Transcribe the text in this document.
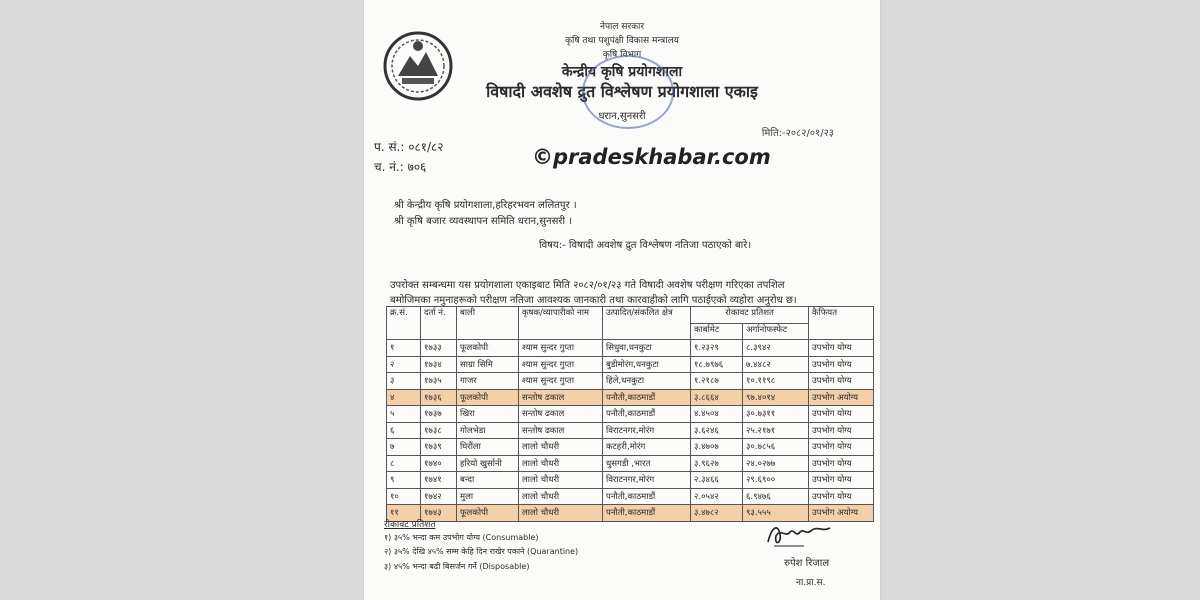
नेपाल सरकार
कृषि तथा पशुपंक्षी विकास मन्त्रालय
कृषि विभाग
केन्द्रीय कृषि प्रयोगशाला
विषादी अवशेष द्रुत विश्लेषण प्रयोगशाला एकाइ
धरान,सुनसरी
प. सं.: ०८१/८२
च. नं.: ७०६
मिति:-२०८२/०१/२३
©pradeskhabar.com
श्री केन्द्रीय कृषि प्रयोगशाला,हरिहरभवन ललितपुर ।
श्री कृषि बजार व्यवस्थापन समिति धरान,सुनसरी ।
विषय:- विषादी अवशेष द्रुत विश्लेषण नतिजा पठाएको बारे।
उपरोक्त सम्बन्धमा यस प्रयोगशाला एकाइबाट मिति २०८२/०१/२३ गते विषादी अवशेष परीक्षण गरिएका तपशिल
बमोजिमका नमुनाहरूको परीक्षण नतिजा आवश्यक जानकारी तथा कारवाहीको लागि पठाईएको व्यहोरा अनुरोध छ।
क्र.सं.	दर्ता नं.	बाली	कृषक/व्यापारीको नाम	उत्पादित/संकलित क्षेत्र	रोकावट प्रतिशत		कैफियत
					कार्बामेट	अर्गानोफस्फेट	
१	१७३३	फूलकोपी	श्याम सुन्दर गुप्ता	सिधुवा,धनकुटा	१.२३२९	८.३९४२	उपभोग योग्य
२	१७३४	साग्रा सिमि	श्याम सुन्दर गुप्ता	बुडीमोरंग,धनकुटा	१८.७९७६	७.४४८२	उपभोग योग्य
३	१७३५	गाजर	श्याम सुन्दर गुप्ता	हिले,धनकुटा	१.२१८७	१०.११९८	उपभोग योग्य
४	१७३६	फूलकोपी	सन्तोष ढकाल	पनौती,काठमाडौं	३.८६६४	९७.४०१४	उपभोग अयोग्य
५	१७३७	खिरा	सन्तोष ढकाल	पनौती,काठमाडौं	४.४५०४	३०.७३११	उपभोग योग्य
६	१७३८	गोलभेडा	सन्तोष ढकाल	विराटनगर,मोरंग	३.६२४६	२५.२१७१	उपभोग योग्य
७	१७३९	घिरौंला	लालो चौधरी	कटहरी,मोरंग	३.४७०७	३०.७८५६	उपभोग योग्य
८	१७४०	हरियो खुर्सानी	लालो चौधरी	धुसगडी ,भारत	३.९६२७	२४.०२७७	उपभोग योग्य
९	१७४१	बन्दा	लालो चौधरी	विराटनगर,मोरंग	२.३४६६	२९.६९००	उपभोग योग्य
१०	१७४२	मुला	लालो चौधरी	पनौती,काठमाडौं	२.०५४२	६.९४७६	उपभोग योग्य
११	१७४३	फूलकोपी	लालो चौधरी	पनौती,काठमाडौं	३.४७८२	९३.५५५	उपभोग अयोग्य
रोकावट प्रतिशत
१) ३५% भन्दा कम उपभोग योग्य (Consumable)
२) ३५% देखि ४५% सम्म केहि दिन राखेर पकाने (Quarantine)
३) ४५% भन्दा बढी बिसर्जन गर्ने (Disposable)	रुपेश रिजाल
ना.प्रा.स.
